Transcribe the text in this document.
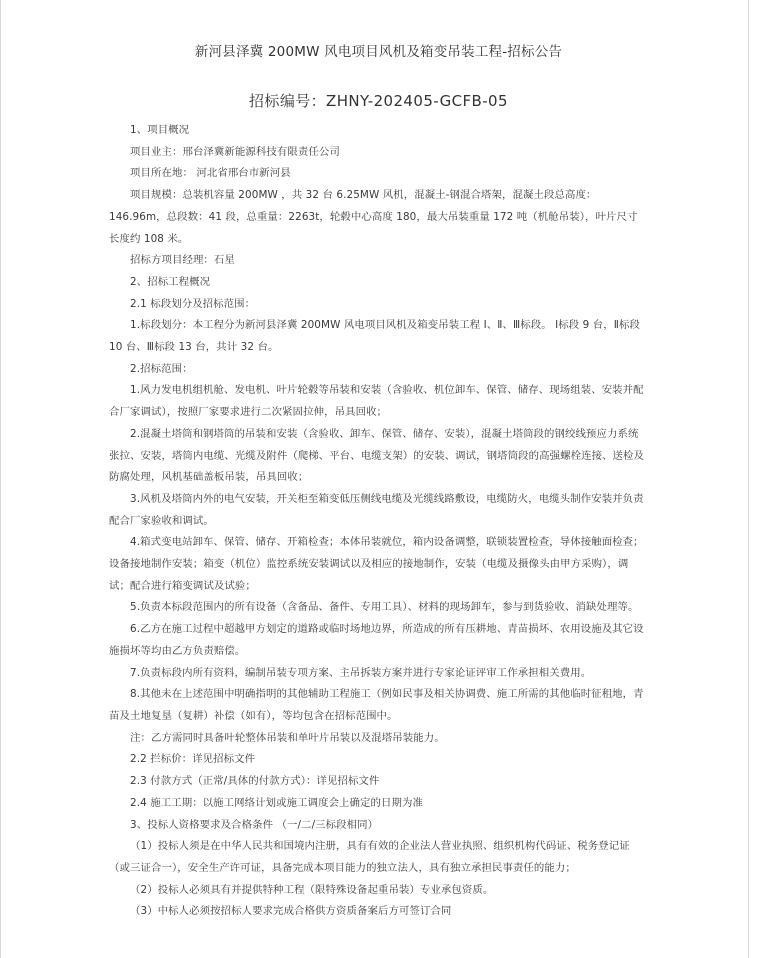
新河县泽冀 200MW 风电项目风机及箱变吊装工程-招标公告
招标编号：ZHNY-202405-GCFB-05

1、项目概况

项目业主：邢台泽冀新能源科技有限责任公司

项目所在地： 河北省邢台市新河县

项目规模：总装机容量 200MW ，共 32 台 6.25MW 风机，混凝土-钢混合塔架，混凝土段总高度：146.96m，总段数：41 段，总重量：2263t，轮毂中心高度 180，最大吊装重量 172 吨（机舱吊装），叶片尺寸长度约 108 米。

招标方项目经理：石星

2、招标工程概况

2.1 标段划分及招标范围：

1.标段划分：本工程分为新河县泽冀 200MW 风电项目风机及箱变吊装工程 Ⅰ、Ⅱ、Ⅲ标段。 Ⅰ标段 9 台，Ⅱ标段 10 台、Ⅲ标段 13 台，共计 32 台。

2.招标范围：

1.风力发电机组机舱、发电机、叶片轮毂等吊装和安装（含验收、机位卸车、保管、储存、现场组装、安装并配合厂家调试），按照厂家要求进行二次紧固拉伸，吊具回收；

2.混凝土塔筒和钢塔筒的吊装和安装（含验收、卸车、保管、储存、安装），混凝土塔筒段的钢绞线预应力系统张拉、安装，塔筒内电缆、光缆及附件（爬梯、平台、电缆支架）的安装、调试，钢塔筒段的高强螺栓连接、送检及防腐处理，风机基础盖板吊装，吊具回收；

3.风机及塔筒内外的电气安装，开关柜至箱变低压侧线电缆及光缆线路敷设，电缆防火，电缆头制作安装并负责配合厂家验收和调试。

4.箱式变电站卸车、保管、储存、开箱检查；本体吊装就位，箱内设备调整，联锁装置检查，导体接触面检查；设备接地制作安装；箱变（机位）监控系统安装调试以及相应的接地制作，安装（电缆及摄像头由甲方采购），调试；配合进行箱变调试及试验；

5.负责本标段范围内的所有设备（含备品、备件、专用工具）、材料的现场卸车，参与到货验收、消缺处理等。

6.乙方在施工过程中超越甲方划定的道路或临时场地边界，所造成的所有压耕地、青苗损坏、农用设施及其它设施损坏等均由乙方负责赔偿。

7.负责标段内所有资料，编制吊装专项方案、主吊拆装方案并进行专家论证评审工作承担相关费用。

8.其他未在上述范围中明确指明的其他辅助工程施工（例如民事及相关协调费、施工所需的其他临时征租地，青苗及土地复垦（复耕）补偿（如有），等均包含在招标范围中。

注：乙方需同时具备叶轮整体吊装和单叶片吊装以及混塔吊装能力。

2.2 拦标价：详见招标文件

2.3 付款方式（正常/具体的付款方式）：详见招标文件

2.4 施工工期：以施工网络计划或施工调度会上确定的日期为准

3、投标人资格要求及合格条件 （一/二/三标段相同）

（1）投标人须是在中华人民共和国境内注册，具有有效的企业法人营业执照、组织机构代码证、税务登记证（或三证合一），安全生产许可证，具备完成本项目能力的独立法人，具有独立承担民事责任的能力；

（2）投标人必须具有并提供特种工程（限特殊设备起重吊装）专业承包资质。

（3）中标人必须按招标人要求完成合格供方资质备案后方可签订合同
